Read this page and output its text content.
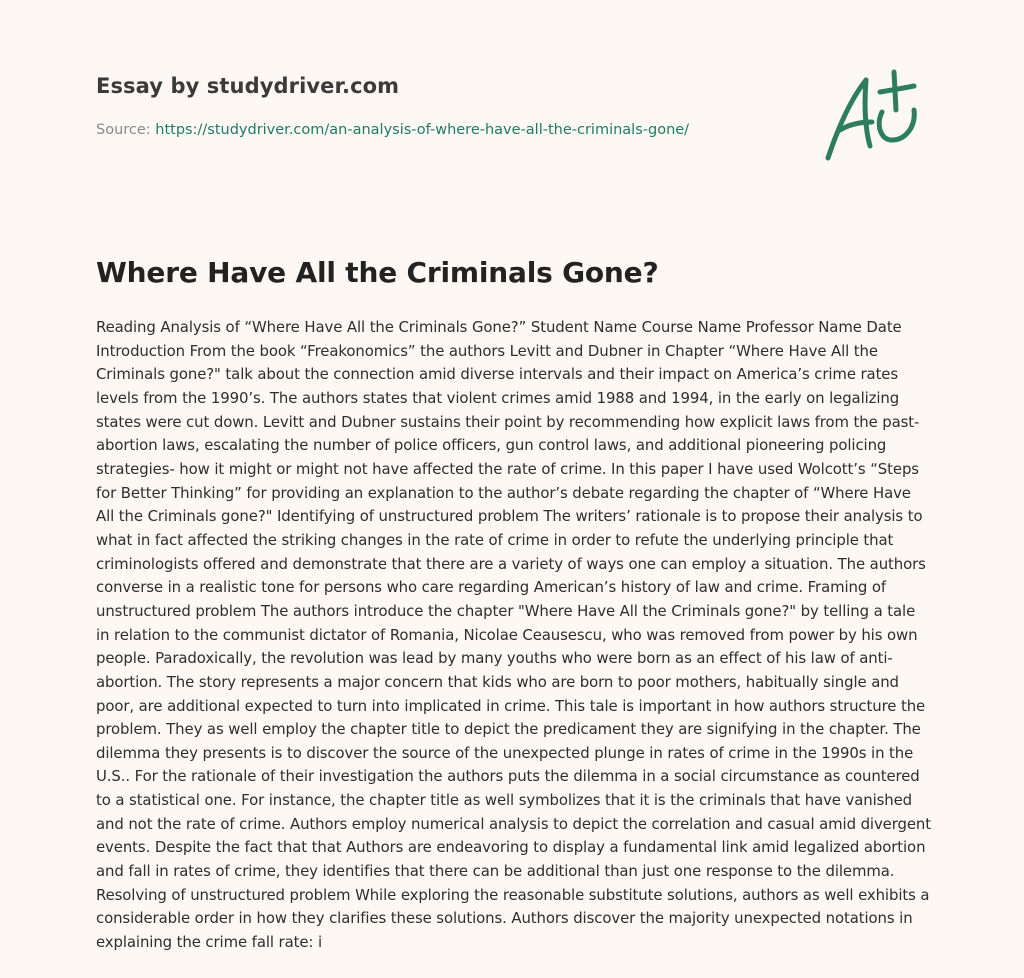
Essay by studydriver.com
Source: https://studydriver.com/an-analysis-of-where-have-all-the-criminals-gone/
Where Have All the Criminals Gone?

Reading Analysis of “Where Have All the Criminals Gone?” Student Name Course Name Professor Name Date Introduction From the book “Freakonomics” the authors Levitt and Dubner in Chapter “Where Have All the Criminals gone?" talk about the connection amid diverse intervals and their impact on America’s crime rates levels from the 1990’s. The authors states that violent crimes amid 1988 and 1994, in the early on legalizing states were cut down. Levitt and Dubner sustains their point by recommending how explicit laws from the past- abortion laws, escalating the number of police officers, gun control laws, and additional pioneering policing strategies- how it might or might not have affected the rate of crime. In this paper I have used Wolcott’s “Steps for Better Thinking” for providing an explanation to the author’s debate regarding the chapter of “Where Have All the Criminals gone?" Identifying of unstructured problem The writers’ rationale is to propose their analysis to what in fact affected the striking changes in the rate of crime in order to refute the underlying principle that criminologists offered and demonstrate that there are a variety of ways one can employ a situation. The authors converse in a realistic tone for persons who care regarding American’s history of law and crime. Framing of unstructured problem The authors introduce the chapter "Where Have All the Criminals gone?" by telling a tale in relation to the communist dictator of Romania, Nicolae Ceausescu, who was removed from power by his own people. Paradoxically, the revolution was lead by many youths who were born as an effect of his law of anti- abortion. The story represents a major concern that kids who are born to poor mothers, habitually single and poor, are additional expected to turn into implicated in crime. This tale is important in how authors structure the problem. They as well employ the chapter title to depict the predicament they are signifying in the chapter. The dilemma they presents is to discover the source of the unexpected plunge in rates of crime in the 1990s in the U.S.. For the rationale of their investigation the authors puts the dilemma in a social circumstance as countered to a statistical one. For instance, the chapter title as well symbolizes that it is the criminals that have vanished and not the rate of crime. Authors employ numerical analysis to depict the correlation and casual amid divergent events. Despite the fact that that Authors are endeavoring to display a fundamental link amid legalized abortion and fall in rates of crime, they identifies that there can be additional than just one response to the dilemma. Resolving of unstructured problem While exploring the reasonable substitute solutions, authors as well exhibits a considerable order in how they clarifies these solutions. Authors discover the majority unexpected notations in explaining the crime fall rate: i
